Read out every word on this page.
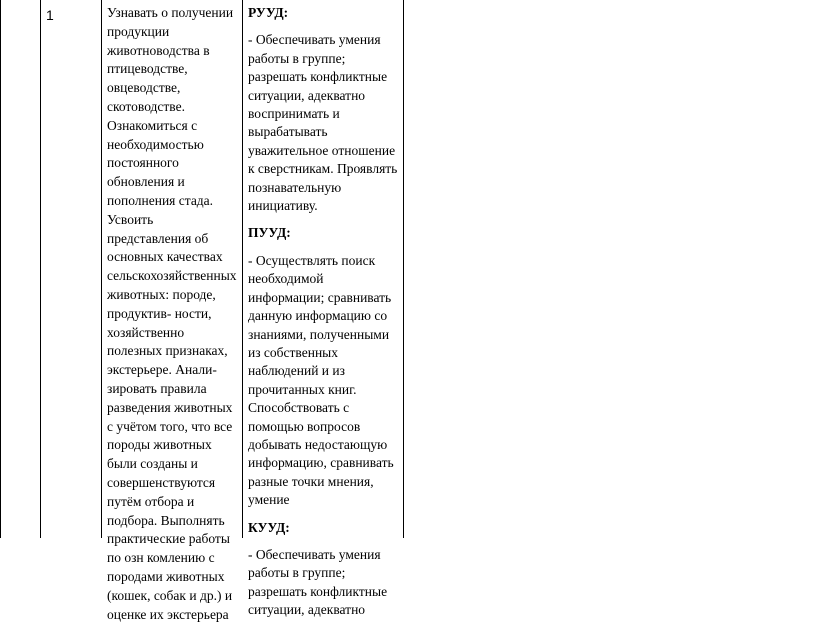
1	Узнавать о получении продукции животноводства в птицеводстве, овцеводстве, скотоводстве. Ознакомиться с необходимостью постоянного обновления и пополнения стада. Усвоить представления об основных качествах сельскохозяйственных животных: породе, продуктив- ности, хозяйственно полезных признаках, экстерьере. Анали- зировать правила разведения животных с учётом того, что все породы животных были созданы и совершенствуются путём отбора и подбора. Выполнять практические работы по озн комлению с породами животных (кошек, собак и др.) и оценке их экстерьера

РУУД:

- Обеспечивать умения работы в группе; разрешать конфликтные ситуации, адекватно воспринимать и вырабатывать уважительное отношение к сверстникам. Проявлять познавательную инициативу.

ПУУД:

- Осуществлять поиск необходимой информации; сравнивать данную информацию со знаниями, полученными из собственных наблюдений и из прочитанных книг. Способствовать с помощью вопросов добывать недостающую информацию, сравнивать разные точки мнения, умение

КУУД:

- Обеспечивать умения работы в группе; разрешать конфликтные ситуации, адекватно
